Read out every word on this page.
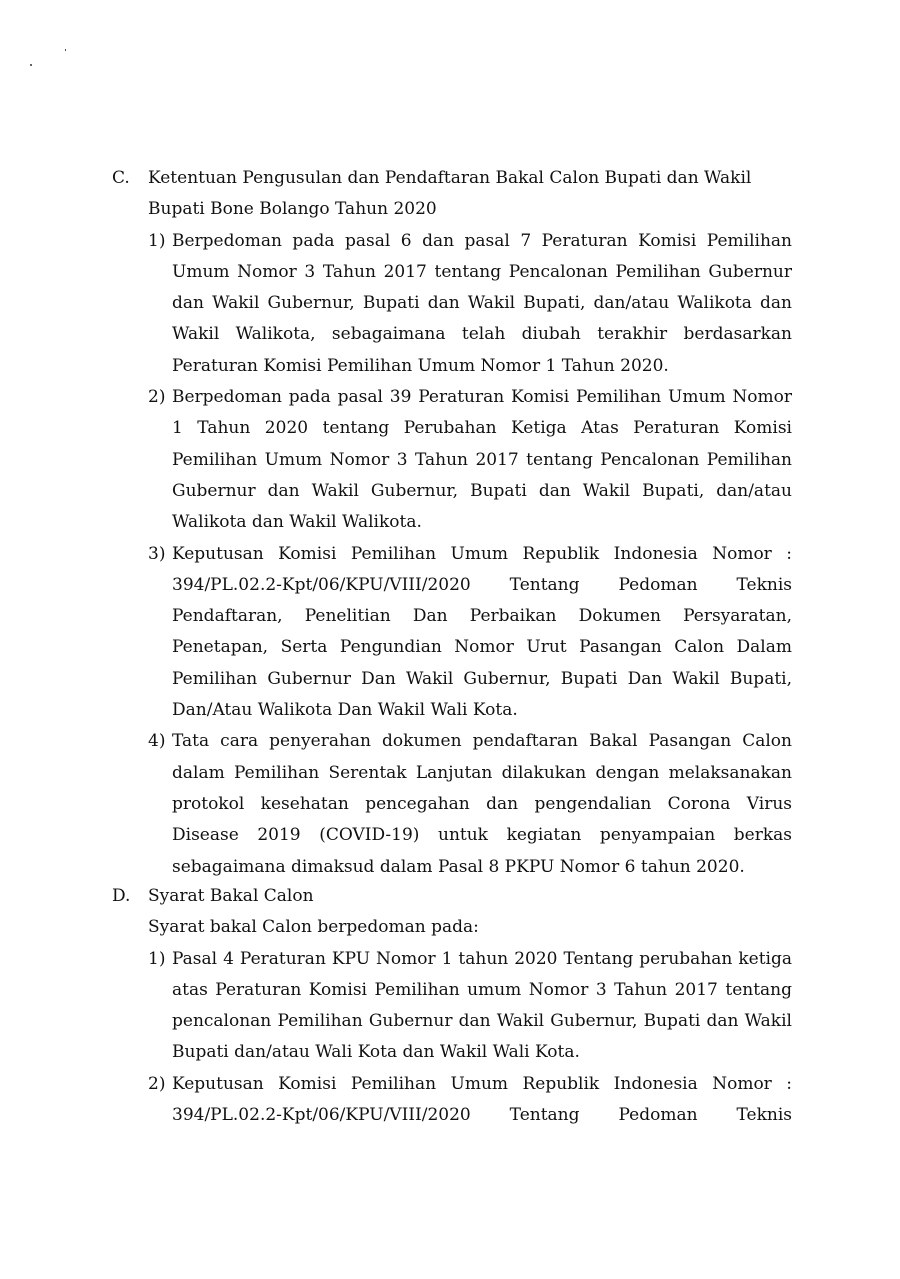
C.	Ketentuan Pengusulan dan Pendaftaran Bakal Calon Bupati dan Wakil Bupati Bone Bolango Tahun 2020
1) Berpedoman pada pasal 6 dan pasal 7 Peraturan Komisi Pemilihan Umum Nomor 3 Tahun 2017 tentang Pencalonan Pemilihan Gubernur dan Wakil Gubernur, Bupati dan Wakil Bupati, dan/atau Walikota dan Wakil Walikota, sebagaimana telah diubah terakhir berdasarkan Peraturan Komisi Pemilihan Umum Nomor 1 Tahun 2020.
2) Berpedoman pada pasal 39 Peraturan Komisi Pemilihan Umum Nomor 1 Tahun 2020 tentang Perubahan Ketiga Atas Peraturan Komisi Pemilihan Umum Nomor 3 Tahun 2017 tentang Pencalonan Pemilihan Gubernur dan Wakil Gubernur, Bupati dan Wakil Bupati, dan/atau Walikota dan Wakil Walikota.
3) Keputusan Komisi Pemilihan Umum Republik Indonesia Nomor : 394/PL.02.2-Kpt/06/KPU/VIII/2020 Tentang Pedoman Teknis Pendaftaran, Penelitian Dan Perbaikan Dokumen Persyaratan, Penetapan, Serta Pengundian Nomor Urut Pasangan Calon Dalam Pemilihan Gubernur Dan Wakil Gubernur, Bupati Dan Wakil Bupati, Dan/Atau Walikota Dan Wakil Wali Kota.
4) Tata cara penyerahan dokumen pendaftaran Bakal Pasangan Calon dalam Pemilihan Serentak Lanjutan dilakukan dengan melaksanakan protokol kesehatan pencegahan dan pengendalian Corona Virus Disease 2019 (COVID-19) untuk kegiatan penyampaian berkas sebagaimana dimaksud dalam Pasal 8 PKPU Nomor 6 tahun 2020.
D.	Syarat Bakal Calon
Syarat bakal Calon berpedoman pada:
1) Pasal 4 Peraturan KPU Nomor 1 tahun 2020 Tentang perubahan ketiga atas Peraturan Komisi Pemilihan umum Nomor 3 Tahun 2017 tentang pencalonan Pemilihan Gubernur dan Wakil Gubernur, Bupati dan Wakil Bupati dan/atau Wali Kota dan Wakil Wali Kota.
2) Keputusan Komisi Pemilihan Umum Republik Indonesia Nomor : 394/PL.02.2-Kpt/06/KPU/VIII/2020 Tentang Pedoman Teknis
